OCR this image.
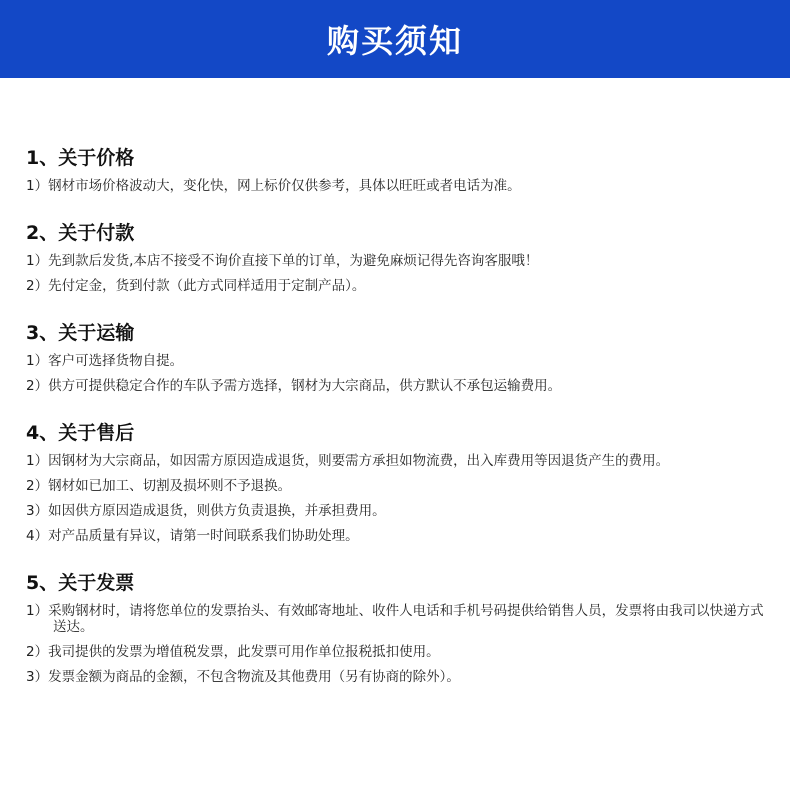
购买须知
1、关于价格
1）钢材市场价格波动大，变化快，网上标价仅供参考，具体以旺旺或者电话为准。
2、关于付款
1）先到款后发货,本店不接受不询价直接下单的订单，为避免麻烦记得先咨询客服哦！
2）先付定金，货到付款（此方式同样适用于定制产品）。
3、关于运输
1）客户可选择货物自提。
2）供方可提供稳定合作的车队予需方选择，钢材为大宗商品，供方默认不承包运输费用。
4、关于售后
1）因钢材为大宗商品，如因需方原因造成退货，则要需方承担如物流费，出入库费用等因退货产生的费用。
2）钢材如已加工、切割及损坏则不予退换。
3）如因供方原因造成退货，则供方负责退换，并承担费用。
4）对产品质量有异议，请第一时间联系我们协助处理。
5、关于发票
1）采购钢材时，请将您单位的发票抬头、有效邮寄地址、收件人电话和手机号码提供给销售人员，发票将由我司以快递方式送达。
2）我司提供的发票为增值税发票，此发票可用作单位报税抵扣使用。
3）发票金额为商品的金额，不包含物流及其他费用（另有协商的除外）。
